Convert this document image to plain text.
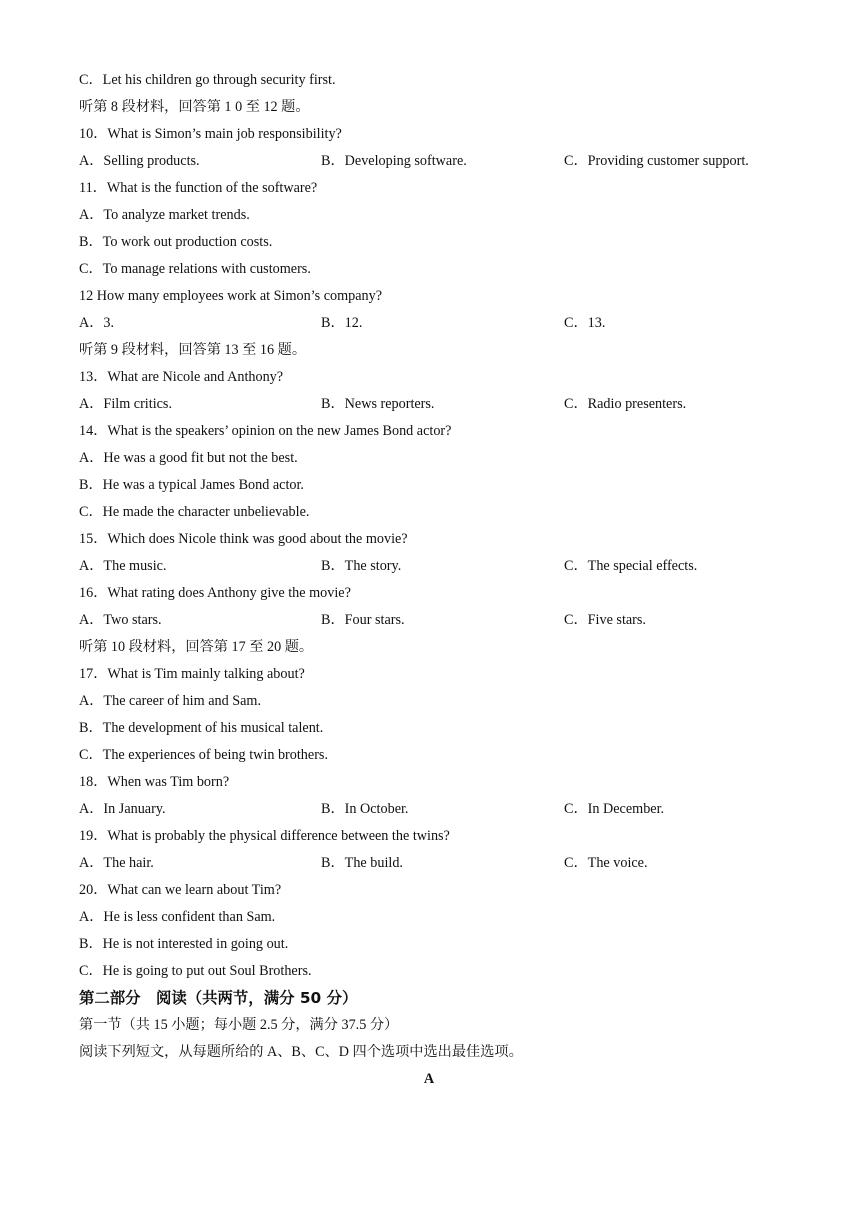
C．Let his children go through security first.
听第 8 段材料，回答第 1 0 至 12 题。
10．What is Simon’s main job responsibility?
A．Selling products.	B．Developing software.	C．Providing customer support.
11．What is the function of the software?
A．To analyze market trends.
B．To work out production costs.
C．To manage relations with customers.
12 How many employees work at Simon’s company?
A．3.	B．12.	C．13.
听第 9 段材料，回答第 13 至 16 题。
13．What are Nicole and Anthony?
A．Film critics.	B．News reporters.	C．Radio presenters.
14．What is the speakers’ opinion on the new James Bond actor?
A．He was a good fit but not the best.
B．He was a typical James Bond actor.
C．He made the character unbelievable.
15．Which does Nicole think was good about the movie?
A．The music.	B．The story.	C．The special effects.
16．What rating does Anthony give the movie?
A．Two stars.	B．Four stars.	C．Five stars.
听第 10 段材料，回答第 17 至 20 题。
17．What is Tim mainly talking about?
A．The career of him and Sam.
B．The development of his musical talent.
C．The experiences of being twin brothers.
18．When was Tim born?
A．In January.	B．In October.	C．In December.
19．What is probably the physical difference between the twins?
A．The hair.	B．The build.	C．The voice.
20．What can we learn about Tim?
A．He is less confident than Sam.
B．He is not interested in going out.
C．He is going to put out Soul Brothers.
第二部分　阅读（共两节，满分 50 分）
第一节（共 15 小题；每小题 2.5 分，满分 37.5 分）
阅读下列短文，从每题所给的 A、B、C、D 四个选项中选出最佳选项。
A
